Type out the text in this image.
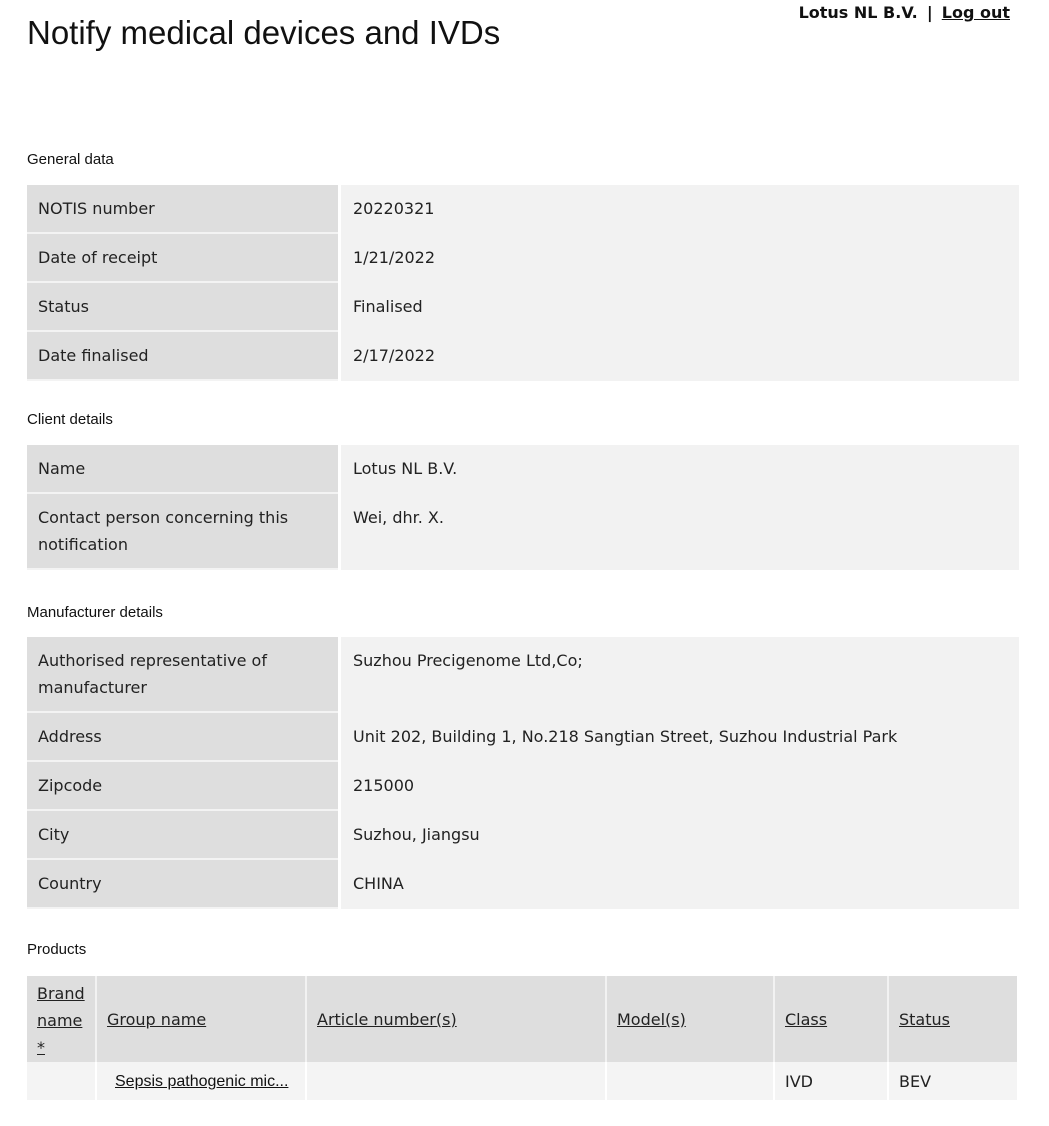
Notify medical devices and IVDs
Lotus NL B.V. | Log out
General data
NOTIS number	20220321
Date of receipt	1/21/2022
Status	Finalised
Date finalised	2/17/2022
Client details
Name	Lotus NL B.V.
Contact person concerning this notification	Wei, dhr. X.
Manufacturer details
Authorised representative of manufacturer	Suzhou Precigenome Ltd,Co;
Address	Unit 202, Building 1, No.218 Sangtian Street, Suzhou Industrial Park
Zipcode	215000
City	Suzhou, Jiangsu
Country	CHINA
Products
Brand name *	Group name	Article number(s)	Model(s)	Class	Status
	Sepsis pathogenic mic...			IVD	BEV
